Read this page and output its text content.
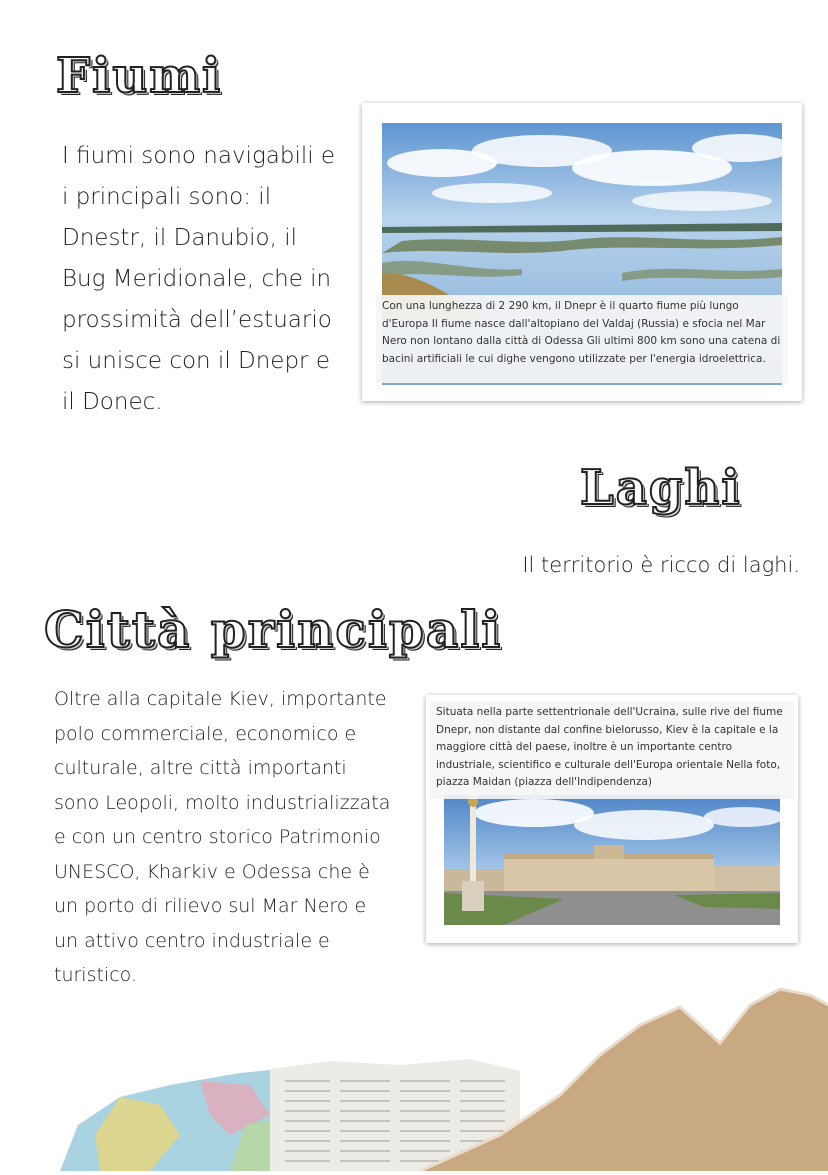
Fiumi

I fiumi sono navigabili e i principali sono: il Dnestr, il Danubio, il Bug Meridionale, che in prossimità dell’estuario si unisce con il Dnepr e il Donec.

Con una lunghezza di 2 290 km, il Dnepr è il quarto fiume più lungo d'Europa Il fiume nasce dall'altopiano del Valdaj (Russia) e sfocia nel Mar Nero non lontano dalla città di Odessa Gli ultimi 800 km sono una catena di bacini artificiali le cui dighe vengono utilizzate per l'energia idroelettrica.

Laghi

Il territorio è ricco di laghi.

Città principali

Oltre alla capitale Kiev, importante polo commerciale, economico e culturale, altre città importanti sono Leopoli, molto industrializzata e con un centro storico Patrimonio UNESCO, Kharkiv e Odessa che è un porto di rilievo sul Mar Nero e un attivo centro industriale e turistico.

Situata nella parte settentrionale dell'Ucraina, sulle rive del fiume Dnepr, non distante dal confine bielorusso, Kiev è la capitale e la maggiore città del paese, inoltre è un importante centro industriale, scientifico e culturale dell'Europa orientale Nella foto, piazza Maidan (piazza dell'Indipendenza)
